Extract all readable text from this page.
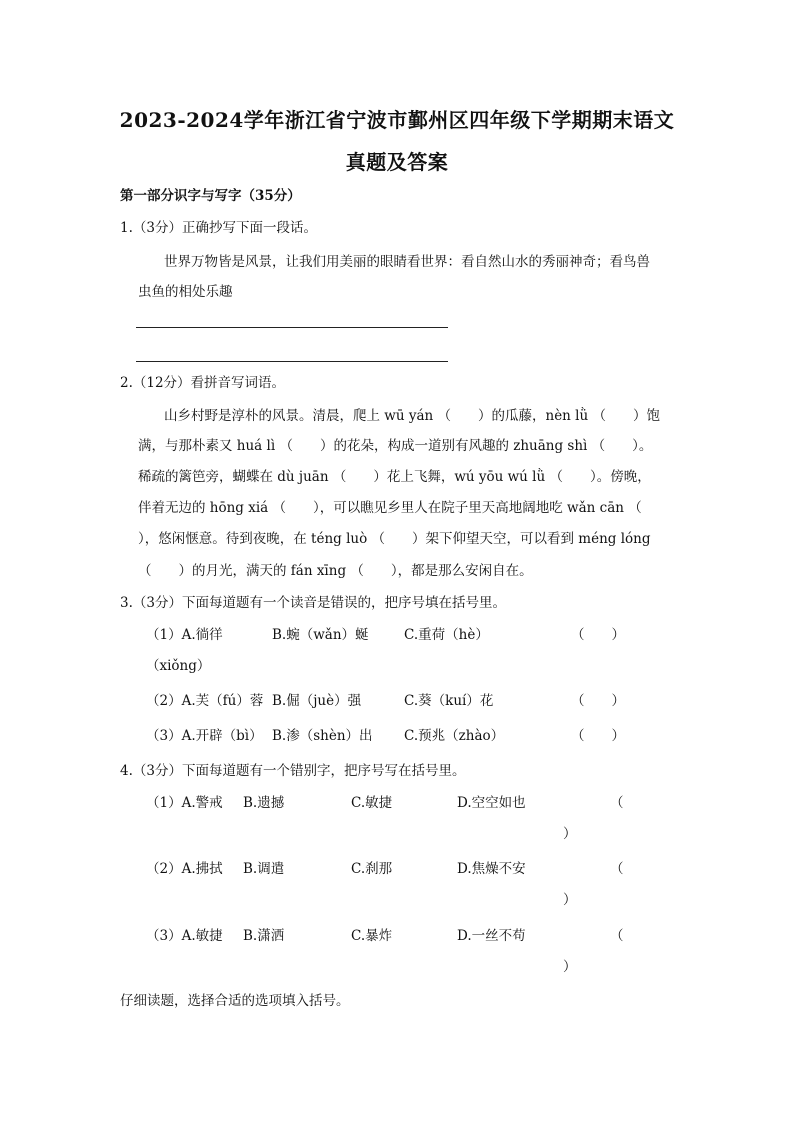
2023-2024学年浙江省宁波市鄞州区四年级下学期期末语文
真题及答案
第一部分识字与写字（35分）
1.（3分）正确抄写下面一段话。
世界万物皆是风景，让我们用美丽的眼睛看世界：看自然山水的秀丽神奇；看鸟兽
虫鱼的相处乐趣
2.（12分）看拼音写词语。
山乡村野是淳朴的风景。清晨，爬上 wū yán （　　）的瓜藤，nèn lǜ （　　）饱
满，与那朴素又 huá lì （　　）的花朵，构成一道别有风趣的 zhuāng shì （　　）。
稀疏的篱笆旁，蝴蝶在 dù juān （　　）花上飞舞，wú yōu wú lǜ （　　）。傍晚，
伴着无边的 hōng xiá （　　），可以瞧见乡里人在院子里天高地阔地吃 wǎn cān （
），悠闲惬意。待到夜晚，在 téng luò （　　）架下仰望天空，可以看到 méng lóng
（　　）的月光，满天的 fán xīng （　　），都是那么安闲自在。
3.（3分）下面每道题有一个读音是错误的，把序号填在括号里。
（1）A.徜徉	B.蜿（wǎn）蜒	C.重荷（hè）	（　　）
（xiǒng）
（2）A.芙（fú）蓉 B.倔（juè）强	C.葵（kuí）花	（　　）
（3）A.开辟（bì） B.渗（shèn）出 C.预兆（zhào）	（　　）
4.（3分）下面每道题有一个错别字，把序号写在括号里。
（1）A.警戒 B.遗撼	C.敏捷	D.空空如也	（
）
（2）A.拂拭 B.调遣	C.刹那	D.焦燥不安	（
）
（3）A.敏捷 B.潇洒	C.暴炸	D.一丝不苟	（
）
仔细读题，选择合适的选项填入括号。
